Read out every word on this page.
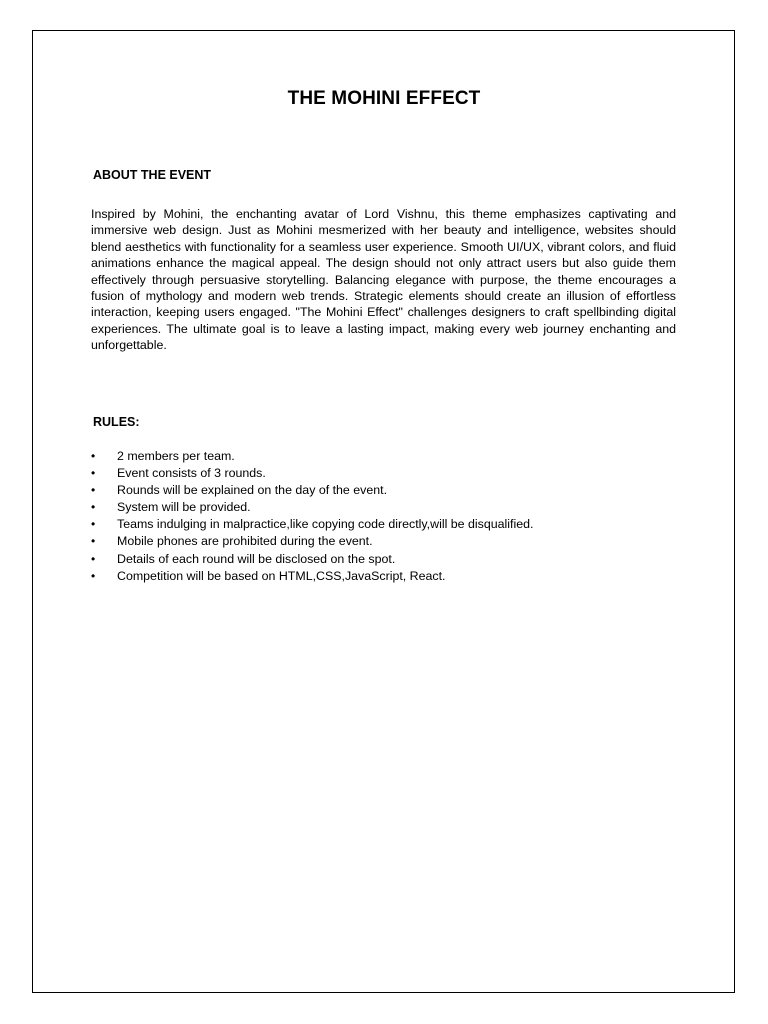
THE MOHINI EFFECT
ABOUT THE EVENT

Inspired by Mohini, the enchanting avatar of Lord Vishnu, this theme emphasizes captivating and immersive web design. Just as Mohini mesmerized with her beauty and intelligence, websites should blend aesthetics with functionality for a seamless user experience. Smooth UI/UX, vibrant colors, and fluid animations enhance the magical appeal. The design should not only attract users but also guide them effectively through persuasive storytelling. Balancing elegance with purpose, the theme encourages a fusion of mythology and modern web trends. Strategic elements should create an illusion of effortless interaction, keeping users engaged. "The Mohini Effect" challenges designers to craft spellbinding digital experiences. The ultimate goal is to leave a lasting impact, making every web journey enchanting and unforgettable.

RULES:
• 2 members per team.
• Event consists of 3 rounds.
• Rounds will be explained on the day of the event.
• System will be provided.
• Teams indulging in malpractice,like copying code directly,will be disqualified.
• Mobile phones are prohibited during the event.
• Details of each round will be disclosed on the spot.
• Competition will be based on HTML,CSS,JavaScript, React.
